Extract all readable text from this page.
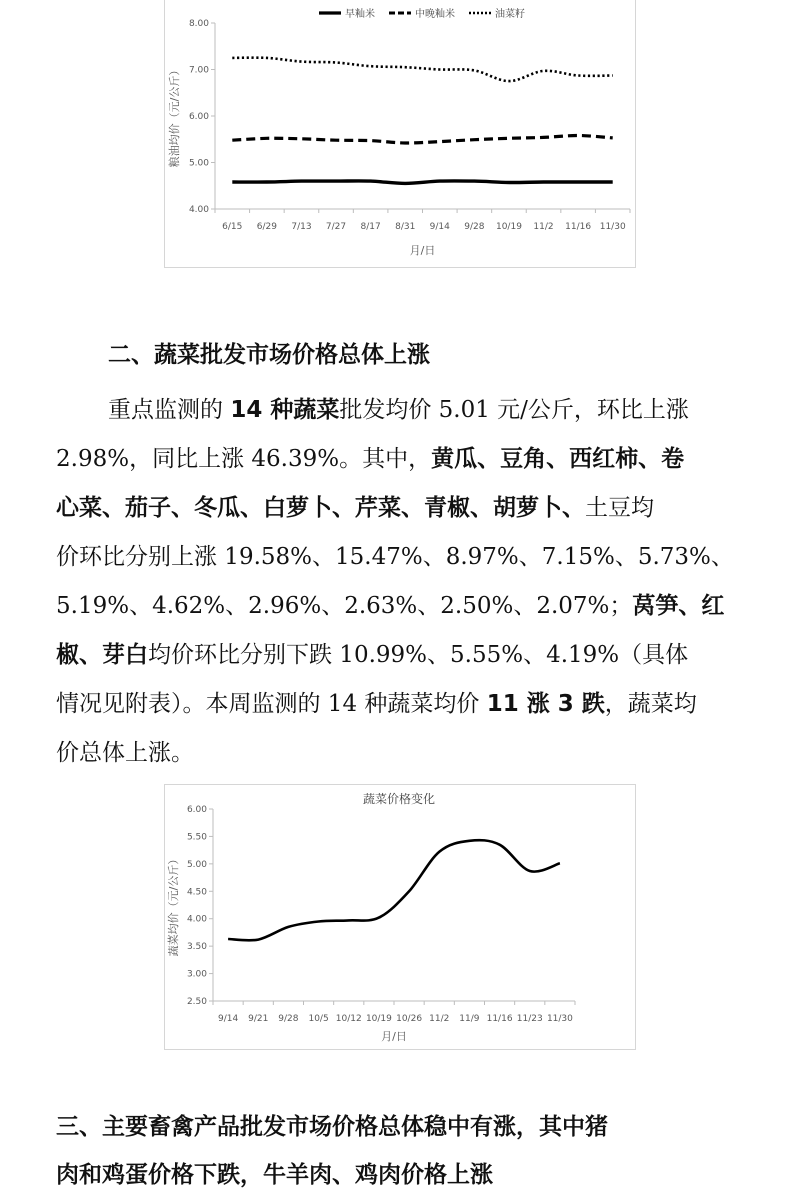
8.00
7.00
6.00
5.00
4.00
6/15 6/29 7/13 7/27 8/17 8/31 9/14 9/28 10/19 11/2 11/16 11/30
月/日
粮油均价（元/公斤）
早籼米	中晚籼米	油菜籽
二、蔬菜批发市场价格总体上涨
重点监测的 14 种蔬菜批发均价 5.01 元/公斤，环比上涨
2.98%，同比上涨 46.39%。其中，黄瓜、豆角、西红柿、卷
心菜、茄子、冬瓜、白萝卜、芹菜、青椒、胡萝卜、土豆均
价环比分别上涨 19.58%、15.47%、8.97%、7.15%、5.73%、
5.19%、4.62%、2.96%、2.63%、2.50%、2.07%；莴笋、红
椒、芽白均价环比分别下跌 10.99%、5.55%、4.19%（具体
情况见附表）。本周监测的 14 种蔬菜均价 11 涨 3 跌，蔬菜均
价总体上涨。
6.00
5.50
5.00
4.50
4.00
3.50
3.00
2.50
9/14 9/21 9/28 10/5 10/12 10/19 10/26 11/2 11/9 11/16 11/23 11/30
月/日
蔬菜均价（元/公斤）
蔬菜价格变化
三、主要畜禽产品批发市场价格总体稳中有涨，其中猪
肉和鸡蛋价格下跌，牛羊肉、鸡肉价格上涨
